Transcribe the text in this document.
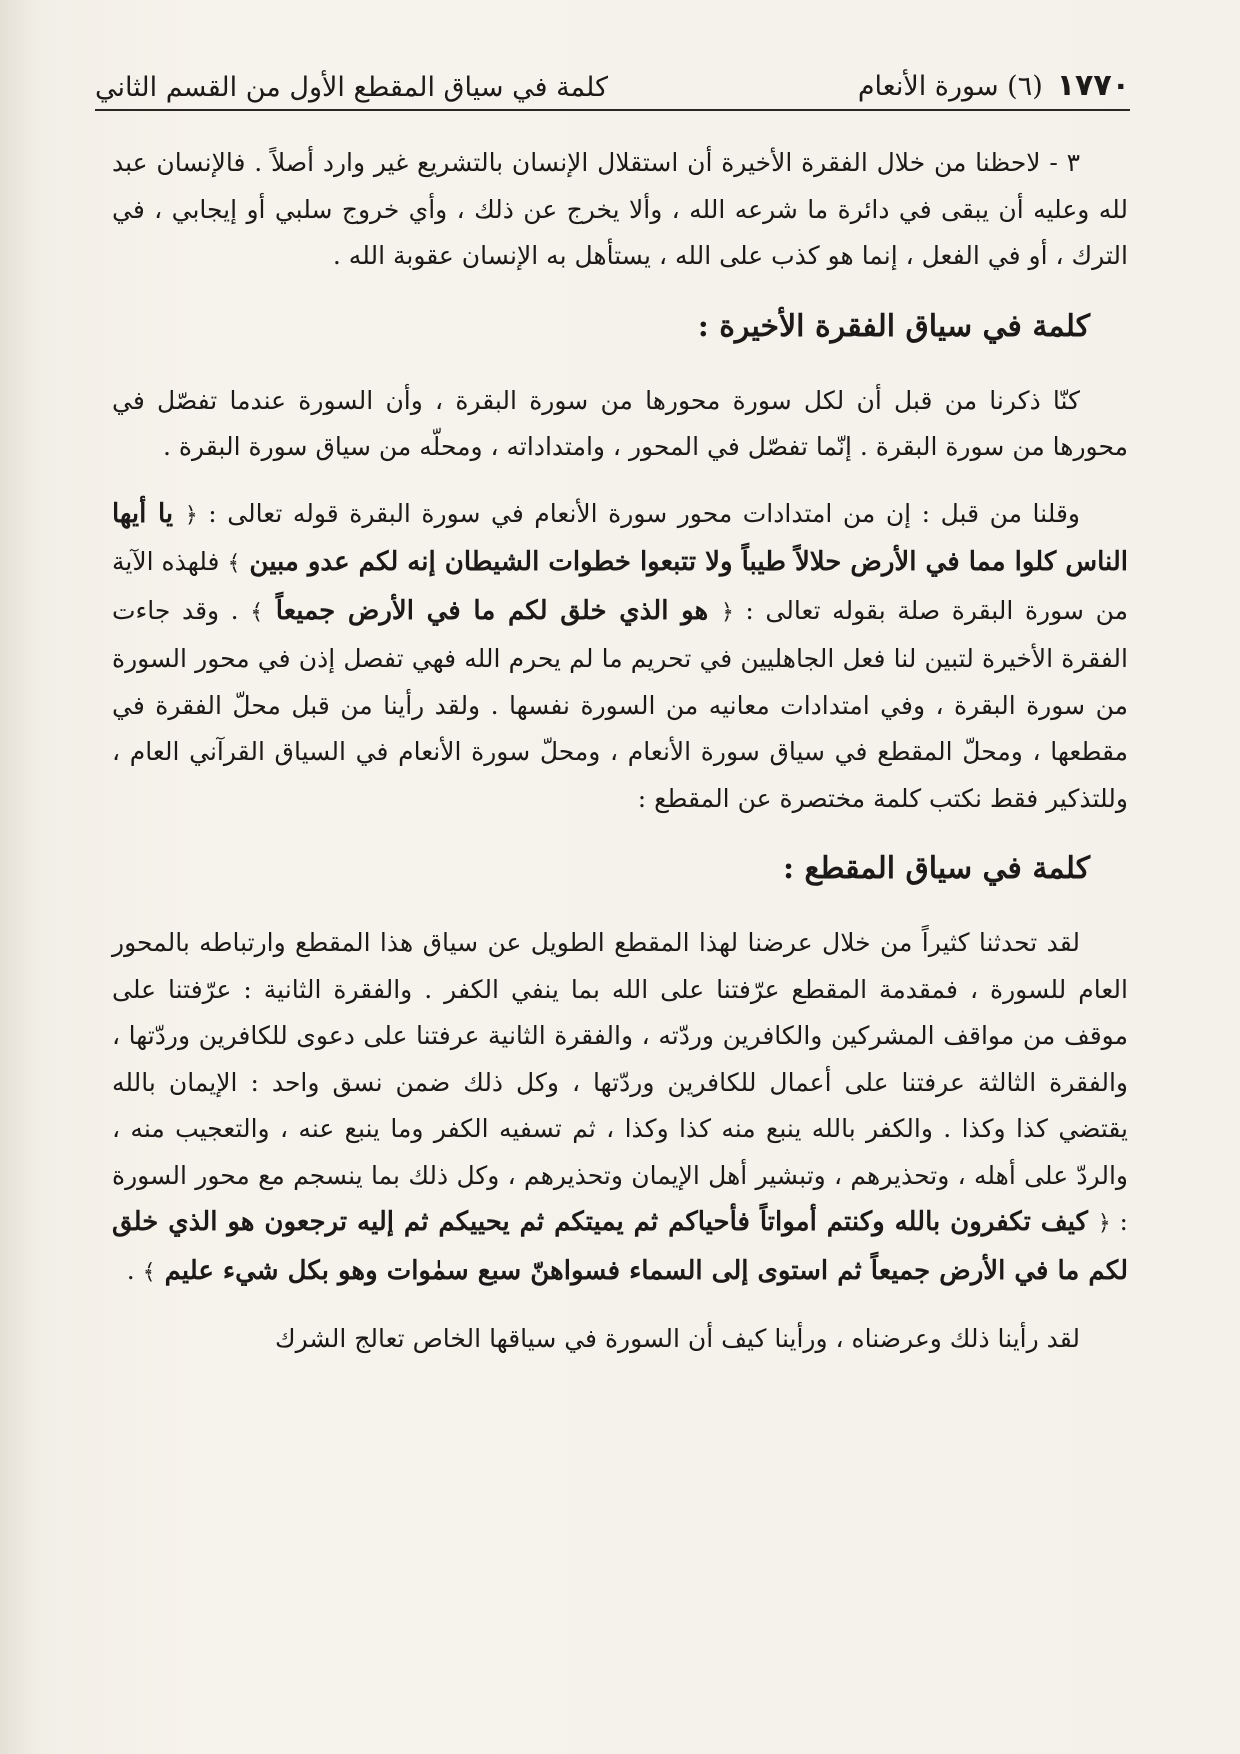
كلمة في سياق المقطع الأول من القسم الثاني	١٧٧٠
(٦) سورة الأنعام

٣ - لاحظنا من خلال الفقرة الأخيرة أن استقلال الإنسان بالتشريع غير وارد أصلاً . فالإنسان عبد لله وعليه أن يبقى في دائرة ما شرعه الله ، وألا يخرج عن ذلك ، وأي خروج سلبي أو إيجابي ، في الترك ، أو في الفعل ، إنما هو كذب على الله ، يستأهل به الإنسان عقوبة الله .

كلمة في سياق الفقرة الأخيرة :

كنّا ذكرنا من قبل أن لكل سورة محورها من سورة البقرة ، وأن السورة عندما تفصّل في محورها من سورة البقرة . إنّما تفصّل في المحور ، وامتداداته ، ومحلّه من سياق سورة البقرة .

وقلنا من قبل : إن من امتدادات محور سورة الأنعام في سورة البقرة قوله تعالى : ﴿ يا أيها الناس كلوا مما في الأرض حلالاً طيباً ولا تتبعوا خطوات الشيطان إنه لكم عدو مبين ﴾ فلهذه الآية من سورة البقرة صلة بقوله تعالى : ﴿ هو الذي خلق لكم ما في الأرض جميعاً ﴾ . وقد جاءت الفقرة الأخيرة لتبين لنا فعل الجاهليين في تحريم ما لم يحرم الله فهي تفصل إذن في محور السورة من سورة البقرة ، وفي امتدادات معانيه من السورة نفسها . ولقد رأينا من قبل محلّ الفقرة في مقطعها ، ومحلّ المقطع في سياق سورة الأنعام ، ومحلّ سورة الأنعام في السياق القرآني العام ، وللتذكير فقط نكتب كلمة مختصرة عن المقطع :

كلمة في سياق المقطع :

لقد تحدثنا كثيراً من خلال عرضنا لهذا المقطع الطويل عن سياق هذا المقطع وارتباطه بالمحور العام للسورة ، فمقدمة المقطع عرّفتنا على الله بما ينفي الكفر . والفقرة الثانية : عرّفتنا على موقف من مواقف المشركين والكافرين وردّته ، والفقرة الثانية عرفتنا على دعوى للكافرين وردّتها ، والفقرة الثالثة عرفتنا على أعمال للكافرين وردّتها ، وكل ذلك ضمن نسق واحد : الإيمان بالله يقتضي كذا وكذا . والكفر بالله ينبع منه كذا وكذا ، ثم تسفيه الكفر وما ينبع عنه ، والتعجيب منه ، والردّ على أهله ، وتحذيرهم ، وتبشير أهل الإيمان وتحذيرهم ، وكل ذلك بما ينسجم مع محور السورة : ﴿ كيف تكفرون بالله وكنتم أمواتاً فأحياكم ثم يميتكم ثم يحييكم ثم إليه ترجعون هو الذي خلق لكم ما في الأرض جميعاً ثم استوى إلى السماء فسواهنّ سبع سمٰوات وهو بكل شيء عليم ﴾ .

لقد رأينا ذلك وعرضناه ، ورأينا كيف أن السورة في سياقها الخاص تعالج الشرك
